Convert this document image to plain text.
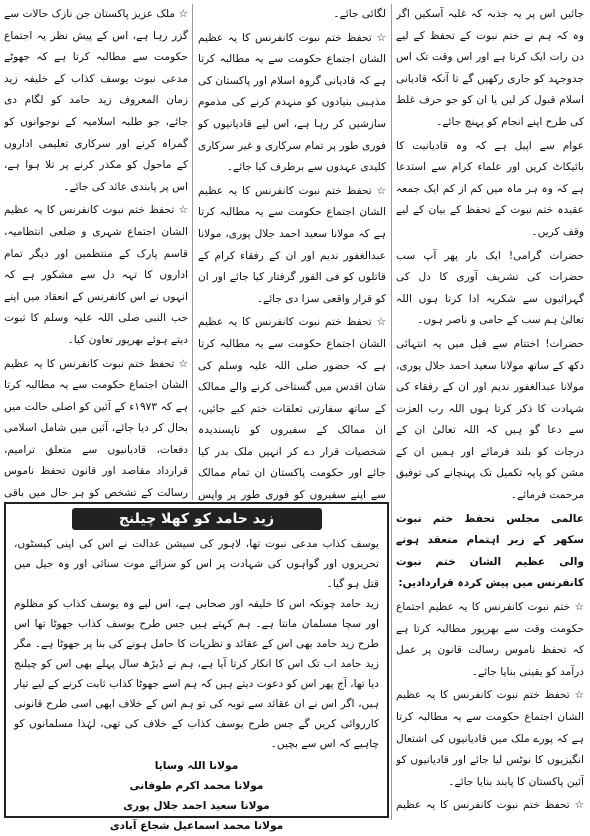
جائیں اس پر یہ جذبہ کہ غلبہ آسکیں اگر وہ کہ ہم نے ختم نبوت کے تحفظ کے لیے دن رات ایک کرنا ہے اور اس وقت تک اس جدوجہد کو جاری رکھیں گے تا آنکہ قادیانی اسلام قبول کر لیں یا ان کو جو حرف غلط کی طرح اپنے انجام کو پہنچ جائے۔

عوام سے اپیل ہے کہ وہ قادیانیت کا بائیکاٹ کریں اور علماء کرام سے استدعا ہے کہ وہ ہر ماہ میں کم از کم ایک جمعہ عقیدہ ختم نبوت کے تحفظ کے بیان کے لیے وقف کریں۔

حضرات گرامی! ایک بار پھر آپ سب حضرات کی تشریف آوری کا دل کی گہرائیوں سے شکریہ ادا کرتا ہوں اللہ تعالیٰ ہم سب کے حامی و ناصر ہوں۔

حضرات! اختتام سے قبل میں یہ انتہائی دکھ کے ساتھ مولانا سعید احمد جلال پوری، مولانا عبدالغفور ندیم اور ان کے رفقاء کی شہادت کا ذکر کرتا ہوں اللہ رب العزت سے دعا گو ہیں کہ اللہ تعالیٰ ان کے درجات کو بلند فرمائے اور ہمیں ان کے مشن کو پایہ تکمیل تک پہنچانے کی توفیق مرحمت فرمائے۔

عالمی مجلس تحفظ ختم نبوت سکھر کے زیر اہتمام منعقد ہونے والی عظیم الشان ختم نبوت کانفرنس میں پیش کردہ قراردادیں:

☆ ختم نبوت کانفرنس کا یہ عظیم اجتماع حکومت وقت سے بھرپور مطالبہ کرتا ہے کہ تحفظ ناموس رسالت قانون پر عمل درآمد کو یقینی بنایا جائے۔

☆ تحفظ ختم نبوت کانفرنس کا یہ عظیم الشان اجتماع حکومت سے یہ مطالبہ کرتا ہے کہ پورے ملک میں قادیانیوں کی اشتعال انگیزیوں کا نوٹس لیا جائے اور قادیانیوں کو آئین پاکستان کا پابند بنایا جائے۔

☆ تحفظ ختم نبوت کانفرنس کا یہ عظیم

لگائی جائے۔

☆ تحفظ ختم نبوت کانفرنس کا یہ عظیم الشان اجتماع حکومت سے یہ مطالبہ کرتا ہے کہ قادیانی گروہ اسلام اور پاکستان کی مذہبی بنیادوں کو منہدم کرنے کی مذموم سازشیں کر رہا ہے، اس لیے قادیانیوں کو فوری طور پر تمام سرکاری و غیر سرکاری کلیدی عہدوں سے برطرف کیا جائے۔

☆ تحفظ ختم نبوت کانفرنس کا یہ عظیم الشان اجتماع حکومت سے یہ مطالبہ کرتا ہے کہ مولانا سعید احمد جلال پوری، مولانا عبدالغفور ندیم اور ان کے رفقاء کرام کے قاتلوں کو فی الفور گرفتار کیا جائے اور ان کو قرار واقعی سزا دی جائے۔

☆ تحفظ ختم نبوت کانفرنس کا یہ عظیم الشان اجتماع حکومت سے یہ مطالبہ کرتا ہے کہ حضور صلی اللہ علیہ وسلم کی شان اقدس میں گستاخی کرنے والے ممالک کے ساتھ سفارتی تعلقات ختم کیے جائیں، ان ممالک کے سفیروں کو ناپسندیدہ شخصیات قرار دے کر انہیں ملک بدر کیا جائے اور حکومت پاکستان ان تمام ممالک سے اپنے سفیروں کو فوری طور پر واپس

☆ ملک عزیز پاکستان جن نازک حالات سے گزر رہا ہے، اس کے پیش نظر یہ اجتماع حکومت سے مطالبہ کرتا ہے کہ جھوٹے مدعی نبوت یوسف کذاب کے خلیفہ زید زمان المعروف زید حامد کو لگام دی جائے، جو طلبہ اسلامیہ کے نوجوانوں کو گمراہ کرنے اور سرکاری تعلیمی اداروں کے ماحول کو مکدر کرنے پر تلا ہوا ہے، اس پر پابندی عائد کی جائے۔

☆ تحفظ ختم نبوت کانفرنس کا یہ عظیم الشان اجتماع شہری و ضلعی انتظامیہ، قاسم پارک کے منتظمین اور دیگر تمام اداروں کا تہہ دل سے مشکور ہے کہ انہوں نے اس کانفرنس کے انعقاد میں اپنے حب النبی صلی اللہ علیہ وسلم کا ثبوت دیتے ہوئے بھرپور تعاون کیا۔

☆ تحفظ ختم نبوت کانفرنس کا یہ عظیم الشان اجتماع حکومت سے یہ مطالبہ کرتا ہے کہ ۱۹۷۳ء کے آئین کو اصلی حالت میں بحال کر دیا جائے، آئین میں شامل اسلامی دفعات، قادیانیوں سے متعلق ترامیم، قرارداد مقاصد اور قانون تحفظ ناموس رسالت کے تشخص کو ہر حال میں باقی

زید حامد کو کھلا چیلنج

یوسف کذاب مدعی نبوت تھا، لاہور کی سیشن عدالت نے اس کی اپنی کیسٹوں، تحریروں اور گواہوں کی شہادت پر اس کو سزائے موت سنائی اور وہ جیل میں قتل ہو گیا۔

زید حامد چونکہ اس کا خلیفہ اور صحابی ہے، اس لیے وہ یوسف کذاب کو مظلوم اور سچا مسلمان مانتا ہے۔ ہم کہتے ہیں جس طرح یوسف کذاب جھوٹا تھا اس طرح زید حامد بھی اس کے عقائد و نظریات کا حامل ہونے کی بنا پر جھوٹا ہے۔ مگر زید حامد اب تک اس کا انکار کرتا آیا ہے، ہم نے ڈیڑھ سال پہلے بھی اس کو چیلنج دیا تھا، آج پھر اس کو دعوت دیتے ہیں کہ ہم اسے جھوٹا کذاب ثابت کرنے کے لیے تیار ہیں، اگر اس نے ان عقائد سے توبہ کی تو ہم اس کے خلاف ابھی اسی طرح قانونی کارروائی کریں گے جس طرح یوسف کذاب کے خلاف کی تھی، لہٰذا مسلمانوں کو چاہیے کہ اس سے بچیں۔

مولانا اللہ وسایا
مولانا محمد اکرم طوفانی
مولانا سعید احمد جلال پوری
مولانا محمد اسماعیل شجاع آبادی
